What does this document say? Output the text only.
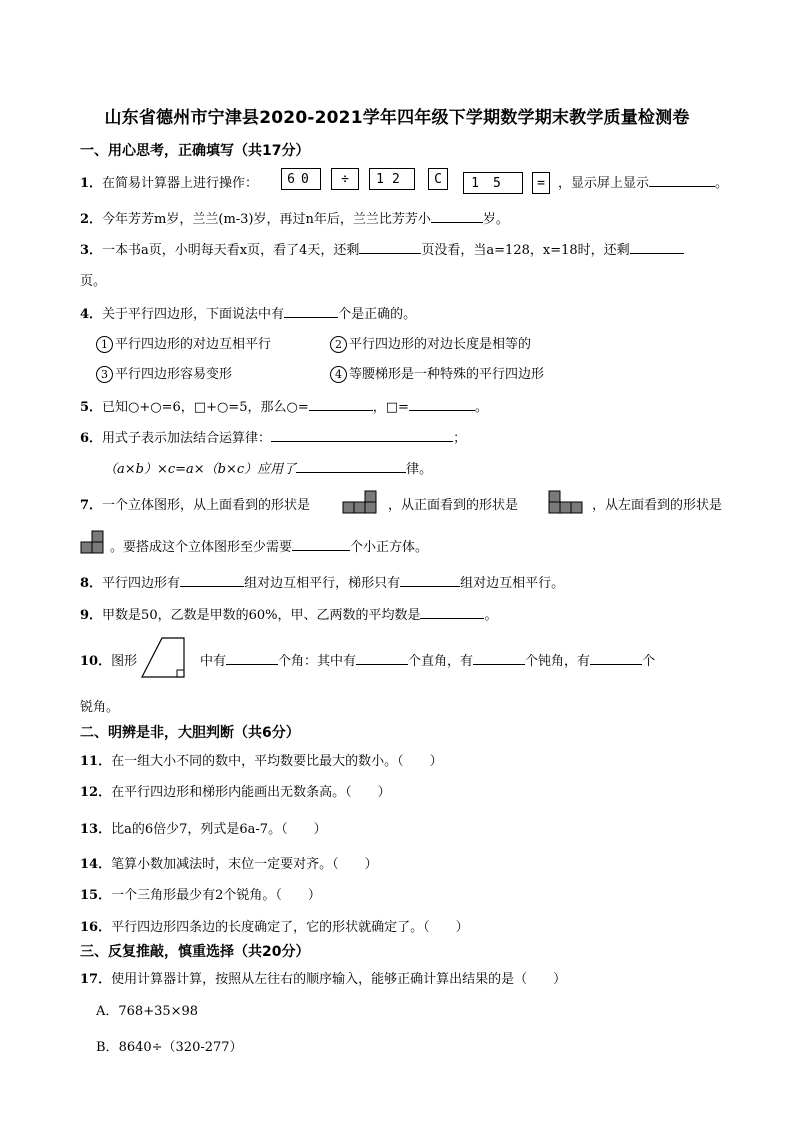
山东省德州市宁津县2020-2021学年四年级下学期数学期末教学质量检测卷
一、用心思考，正确填写（共17分）
1．在简易计算器上进行操作：	60	÷	12	C	15	=	，显示屏上显示	。
2．今年芳芳m岁，兰兰(m-3)岁，再过n年后，兰兰比芳芳小	岁。
3．一本书a页，小明每天看x页，看了4天，还剩	页没看，当a=128，x=18时，还剩
页。
4．关于平行四边形，下面说法中有	个是正确的。
1 平行四边形的对边互相平行	2 平行四边形的对边长度是相等的
3 平行四边形容易变形	4 等腰梯形是一种特殊的平行四边形
5．已知○+○=6，□+○=5，那么○=	，□=	。
6．用式子表示加法结合运算律：	；
（a×b）×c=a×（b×c）应用了	律。
7．一个立体图形，从上面看到的形状是	，从正面看到的形状是	，从左面看到的形状是
。要搭成这个立体图形至少需要	个小正方体。
8．平行四边形有	组对边互相平行，梯形只有	组对边互相平行。
9．甲数是50，乙数是甲数的60%，甲、乙两数的平均数是	。
10．图形	中有	个角：其中有	个直角，有	个钝角，有	个
锐角。
二、明辨是非，大胆判断（共6分）
11．在一组大小不同的数中，平均数要比最大的数小。（　　）
12．在平行四边形和梯形内能画出无数条高。（　　）
13．比a的6倍少7，列式是6a-7。（　　）
14．笔算小数加减法时，末位一定要对齐。（　　）
15．一个三角形最少有2个锐角。（　　）
16．平行四边形四条边的长度确定了，它的形状就确定了。（　　）
三、反复推敲，慎重选择（共20分）
17．使用计算器计算，按照从左往右的顺序输入，能够正确计算出结果的是（　　）
A．768+35×98
B．8640÷（320-277）
